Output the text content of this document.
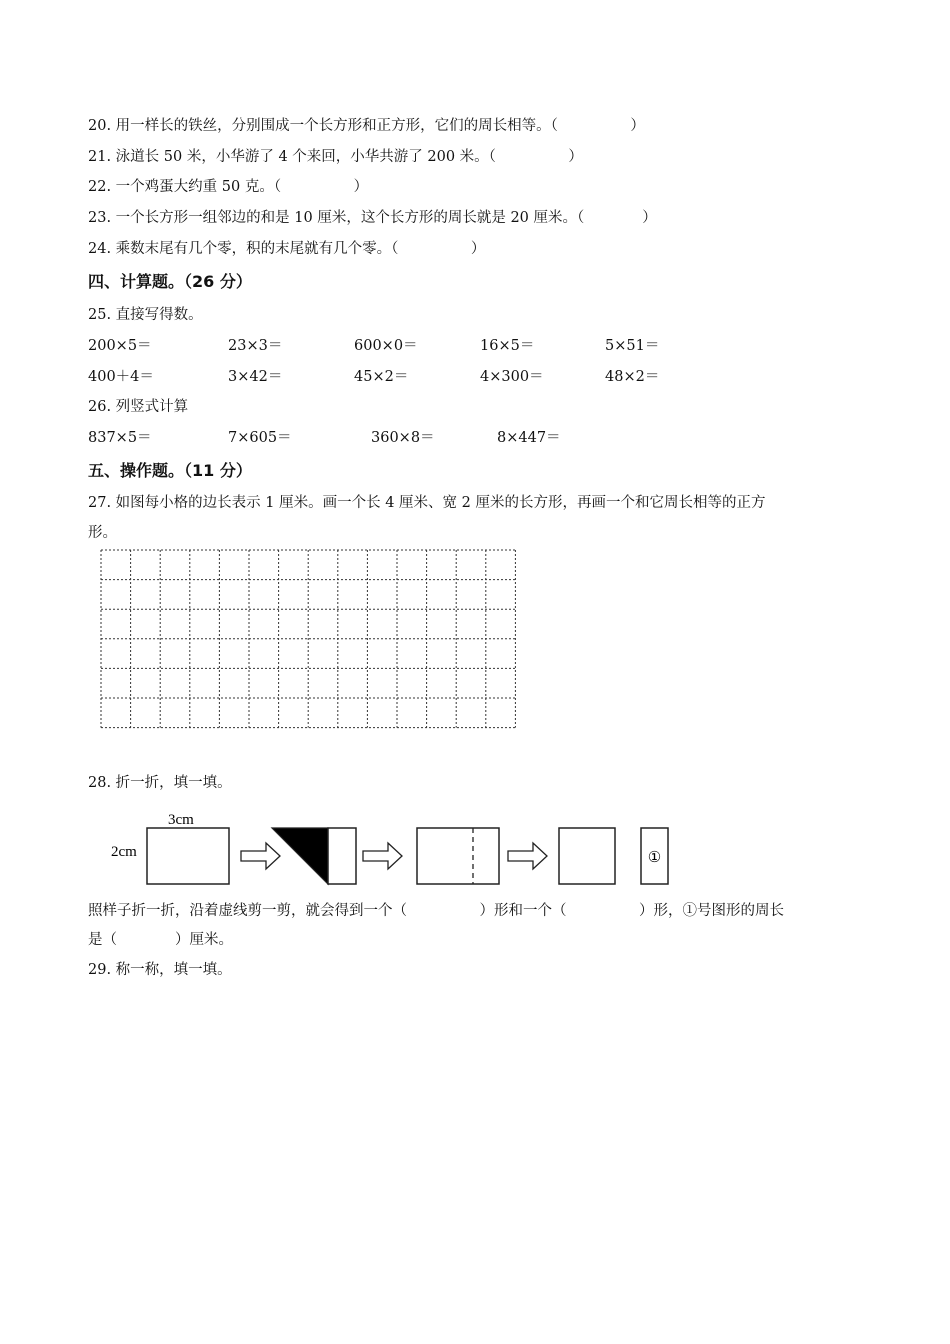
20. 用一样长的铁丝，分别围成一个长方形和正方形，它们的周长相等。（　　　　　）
21. 泳道长 50 米，小华游了 4 个来回，小华共游了 200 米。（　　　　　）
22. 一个鸡蛋大约重 50 克。（　　　　　）
23. 一个长方形一组邻边的和是 10 厘米，这个长方形的周长就是 20 厘米。（　　　　）
24. 乘数末尾有几个零，积的末尾就有几个零。（　　　　　）
四、计算题。（26 分）
25. 直接写得数。
200×5＝	23×3＝	600×0＝	16×5＝	5×51＝
400＋4＝	3×42＝	45×2＝	4×300＝	48×2＝
26. 列竖式计算
837×5＝	7×605＝	360×8＝	8×447＝
五、操作题。（11 分）
27. 如图每小格的边长表示 1 厘米。画一个长 4 厘米、宽 2 厘米的长方形，再画一个和它周长相等的正方
形。
28. 折一折，填一填。
3cm
2cm	①
照样子折一折，沿着虚线剪一剪，就会得到一个（　　　　　）形和一个（　　　　　）形，①号图形的周长
是（　　　　）厘米。
29. 称一称，填一填。
